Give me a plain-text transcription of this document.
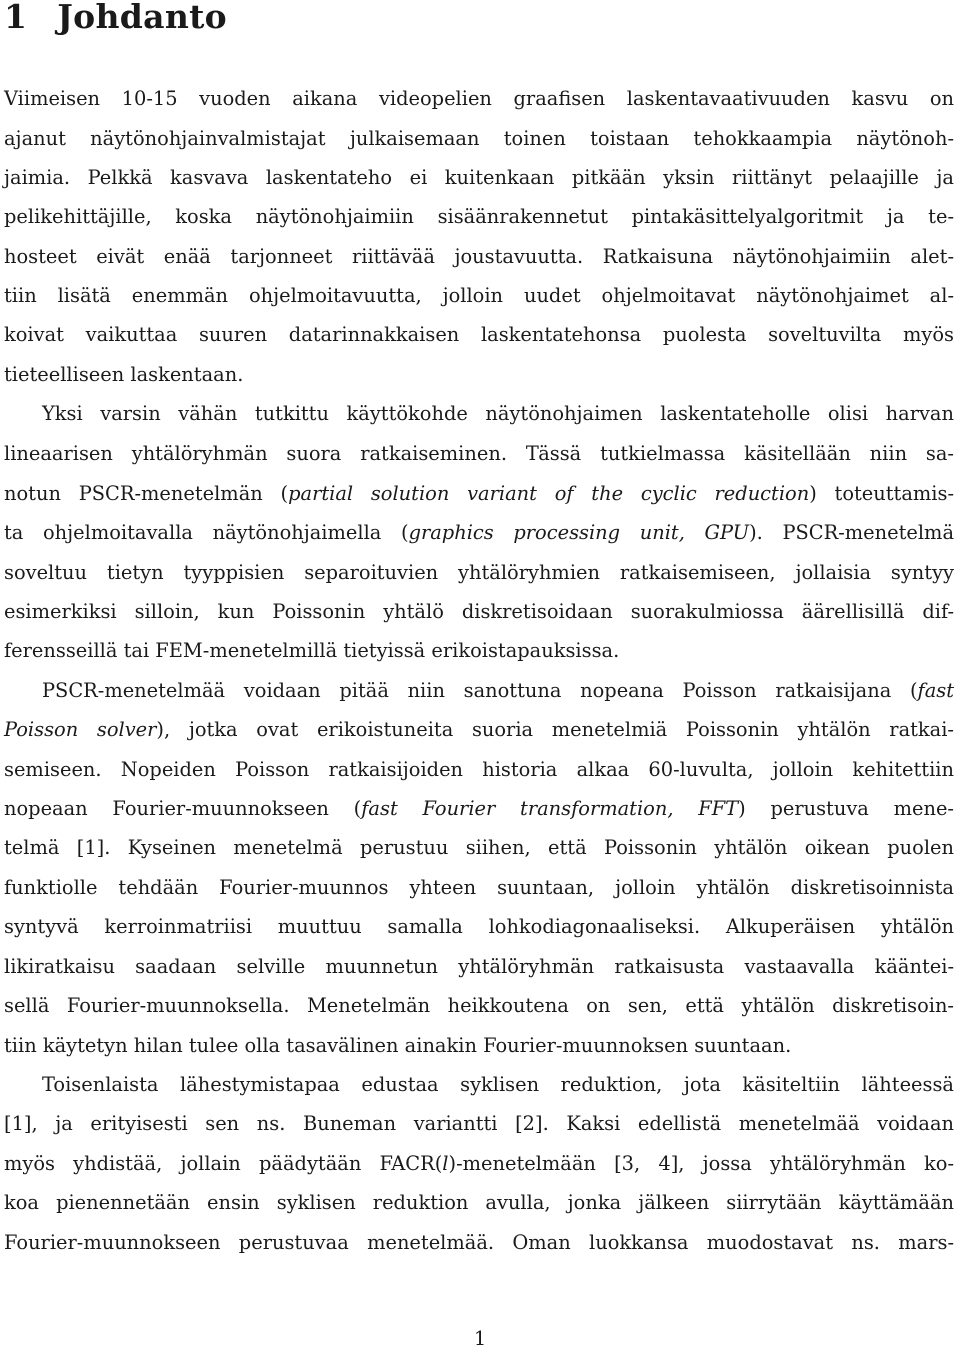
1 Johdanto

Viimeisen 10-15 vuoden aikana videopelien graafisen laskentavaativuuden kasvu on

ajanut näytönohjainvalmistajat julkaisemaan toinen toistaan tehokkaampia näytönoh-

jaimia. Pelkkä kasvava laskentateho ei kuitenkaan pitkään yksin riittänyt pelaajille ja

pelikehittäjille, koska näytönohjaimiin sisäänrakennetut pintakäsittelyalgoritmit ja te-

hosteet eivät enää tarjonneet riittävää joustavuutta. Ratkaisuna näytönohjaimiin alet-

tiin lisätä enemmän ohjelmoitavuutta, jolloin uudet ohjelmoitavat näytönohjaimet al-

koivat vaikuttaa suuren datarinnakkaisen laskentatehonsa puolesta soveltuvilta myös

tieteelliseen laskentaan.

Yksi varsin vähän tutkittu käyttökohde näytönohjaimen laskentateholle olisi harvan

lineaarisen yhtälöryhmän suora ratkaiseminen. Tässä tutkielmassa käsitellään niin sa-

notun PSCR-menetelmän (partial solution variant of the cyclic reduction) toteuttamis-

ta ohjelmoitavalla näytönohjaimella (graphics processing unit, GPU). PSCR-menetelmä

soveltuu tietyn tyyppisien separoituvien yhtälöryhmien ratkaisemiseen, jollaisia syntyy

esimerkiksi silloin, kun Poissonin yhtälö diskretisoidaan suorakulmiossa äärellisillä dif-

ferensseillä tai FEM-menetelmillä tietyissä erikoistapauksissa.

PSCR-menetelmää voidaan pitää niin sanottuna nopeana Poisson ratkaisijana (fast

Poisson solver), jotka ovat erikoistuneita suoria menetelmiä Poissonin yhtälön ratkai-

semiseen. Nopeiden Poisson ratkaisijoiden historia alkaa 60-luvulta, jolloin kehitettiin

nopeaan Fourier-muunnokseen (fast Fourier transformation, FFT) perustuva mene-

telmä [1]. Kyseinen menetelmä perustuu siihen, että Poissonin yhtälön oikean puolen

funktiolle tehdään Fourier-muunnos yhteen suuntaan, jolloin yhtälön diskretisoinnista

syntyvä kerroinmatriisi muuttuu samalla lohkodiagonaaliseksi. Alkuperäisen yhtälön

likiratkaisu saadaan selville muunnetun yhtälöryhmän ratkaisusta vastaavalla kääntei-

sellä Fourier-muunnoksella. Menetelmän heikkoutena on sen, että yhtälön diskretisoin-

tiin käytetyn hilan tulee olla tasavälinen ainakin Fourier-muunnoksen suuntaan.

Toisenlaista lähestymistapaa edustaa syklisen reduktion, jota käsiteltiin lähteessä

[1], ja erityisesti sen ns. Buneman variantti [2]. Kaksi edellistä menetelmää voidaan

myös yhdistää, jollain päädytään FACR(l)-menetelmään [3, 4], jossa yhtälöryhmän ko-

koa pienennetään ensin syklisen reduktion avulla, jonka jälkeen siirrytään käyttämään

Fourier-muunnokseen perustuvaa menetelmää. Oman luokkansa muodostavat ns. mars-

1
